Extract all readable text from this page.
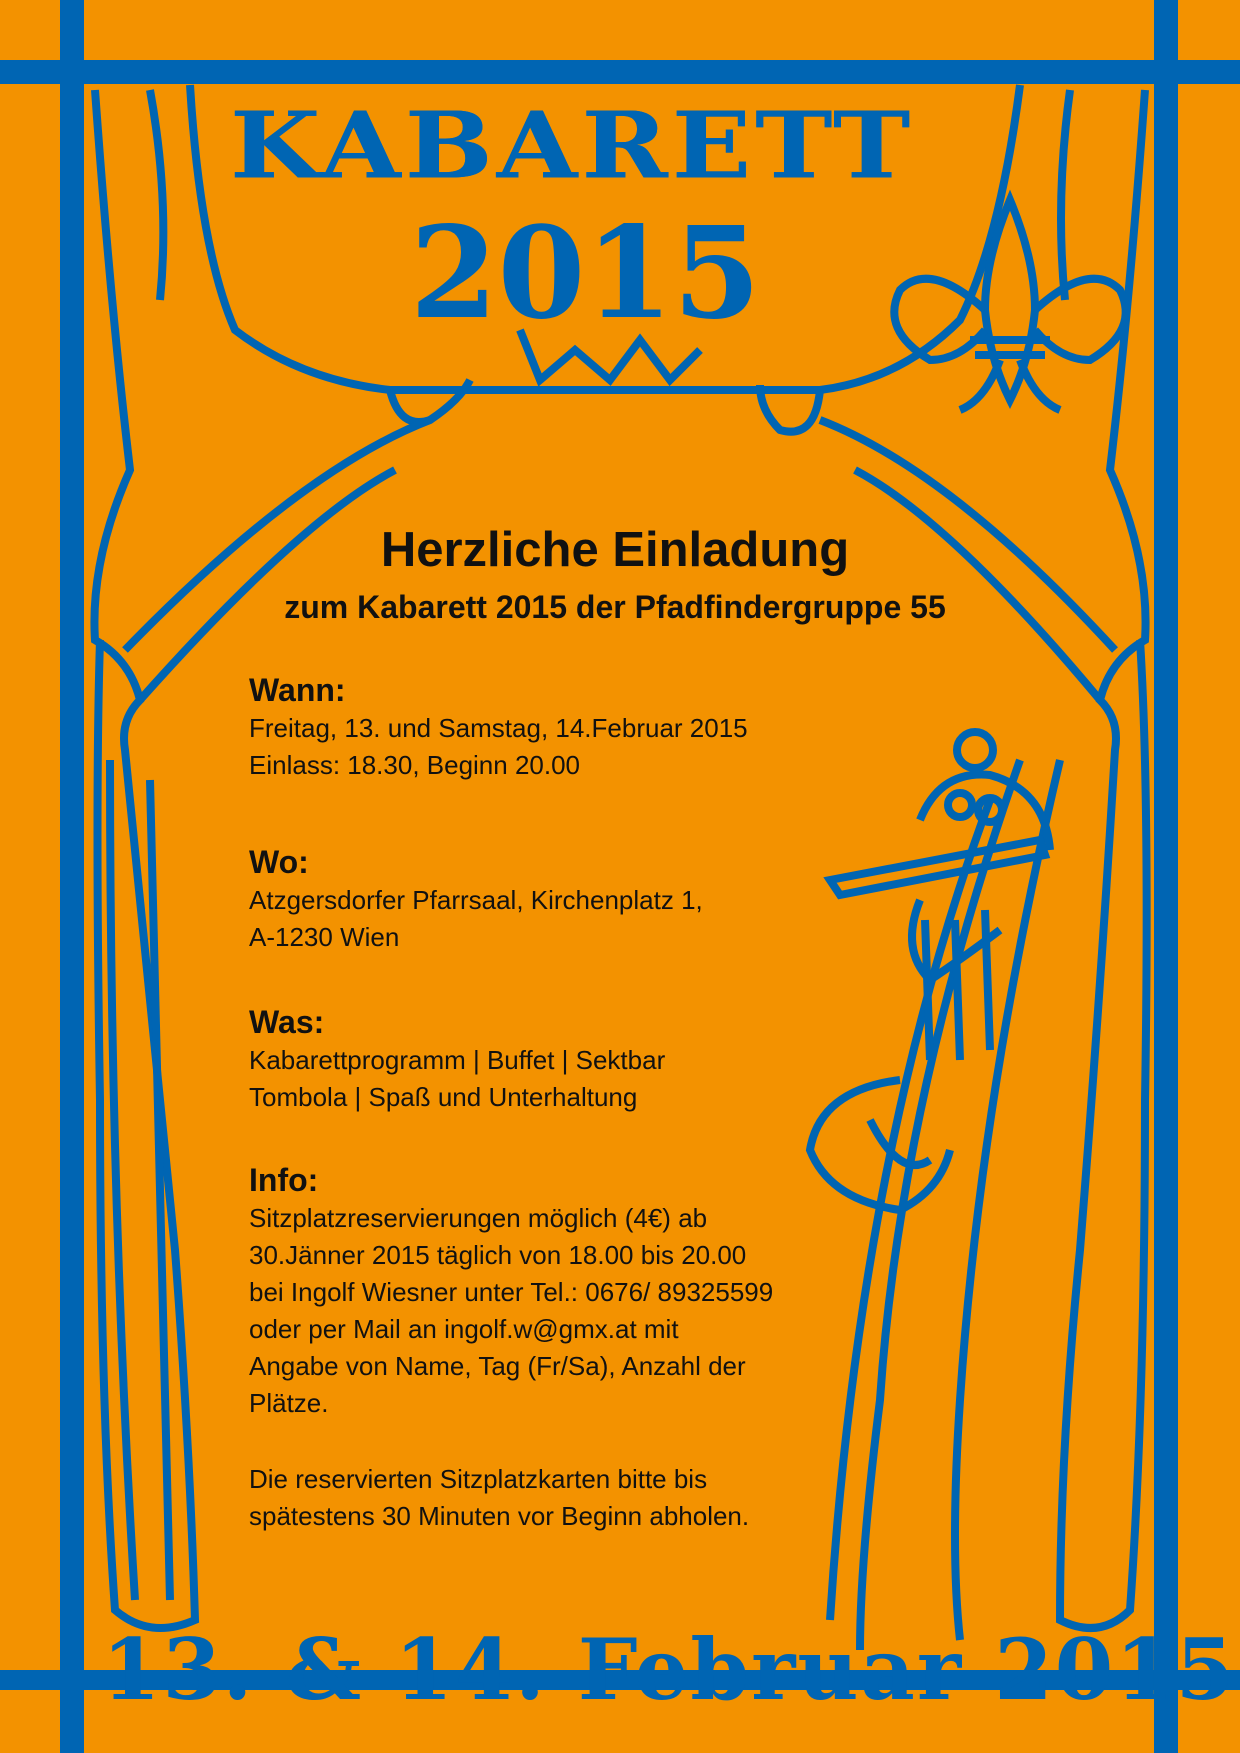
KABARETT
2015
Herzliche Einladung
zum Kabarett 2015 der Pfadfindergruppe 55
Wann:
Freitag, 13. und Samstag, 14.Februar 2015
Einlass: 18.30, Beginn 20.00
Wo:
Atzgersdorfer Pfarrsaal, Kirchenplatz 1,
A-1230 Wien
Was:
Kabarettprogramm | Buffet | Sektbar
Tombola | Spaß und Unterhaltung
Info:
Sitzplatzreservierungen möglich (4€) ab
30.Jänner 2015 täglich von 18.00 bis 20.00
bei Ingolf Wiesner unter Tel.: 0676/ 89325599
oder per Mail an ingolf.w@gmx.at mit
Angabe von Name, Tag (Fr/Sa), Anzahl der
Plätze.
Die reservierten Sitzplatzkarten bitte bis
spätestens 30 Minuten vor Beginn abholen.
13. & 14. Februar 2015
